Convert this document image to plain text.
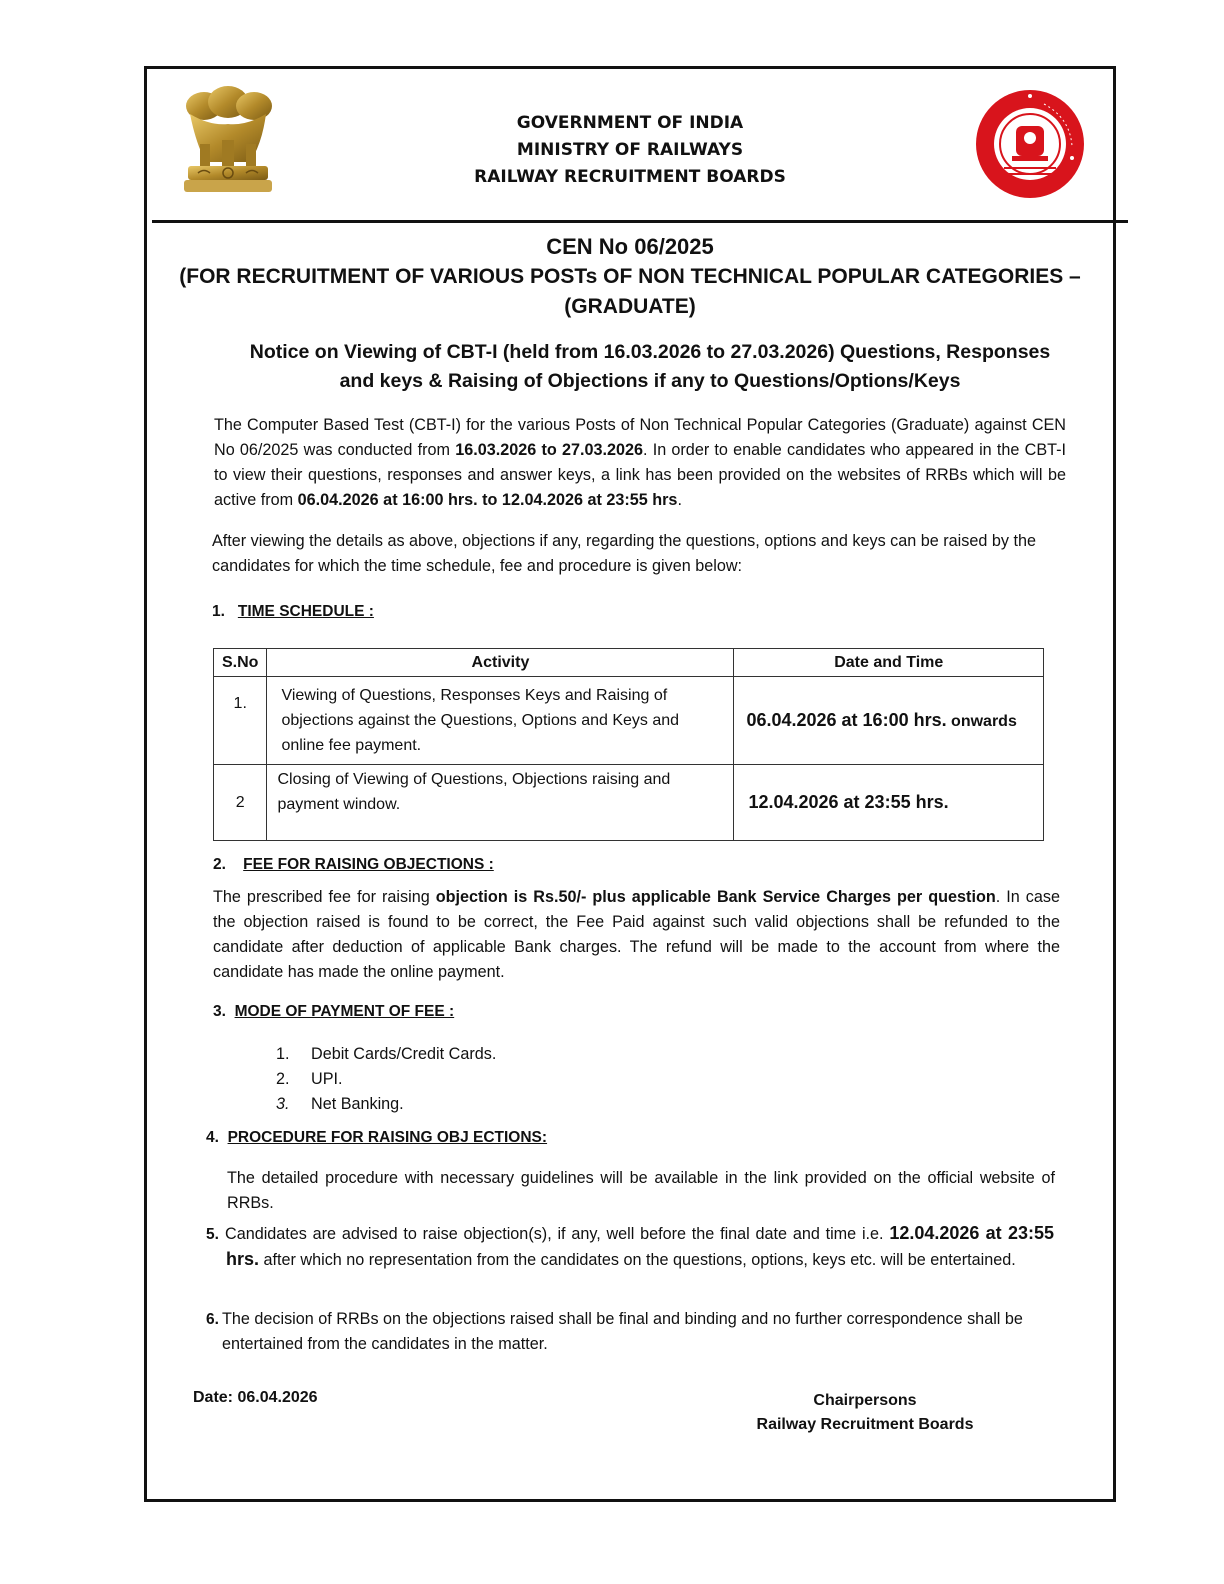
GOVERNMENT OF INDIA
MINISTRY OF RAILWAYS
RAILWAY RECRUITMENT BOARDS
CEN No 06/2025
(FOR RECRUITMENT OF VARIOUS POSTs OF NON TECHNICAL POPULAR CATEGORIES –
(GRADUATE)
Notice on Viewing of CBT-I (held from 16.03.2026 to 27.03.2026) Questions, Responses
and keys & Raising of Objections if any to Questions/Options/Keys

The Computer Based Test (CBT-I) for the various Posts of Non Technical Popular Categories (Graduate) against CEN No 06/2025 was conducted from 16.03.2026 to 27.03.2026. In order to enable candidates who appeared in the CBT-I to view their questions, responses and answer keys, a link has been provided on the websites of RRBs which will be active from 06.04.2026 at 16:00 hrs. to 12.04.2026 at 23:55 hrs.

After viewing the details as above, objections if any, regarding the questions, options and keys can be raised by the candidates for which the time schedule, fee and procedure is given below:

1. TIME SCHEDULE :
S.No	Activity	Date and Time
1.	Viewing of Questions, Responses Keys and Raising of objections against the Questions, Options and Keys and online fee payment.	06.04.2026 at 16:00 hrs. onwards
2	Closing of Viewing of Questions, Objections raising and payment window.	12.04.2026 at 23:55 hrs.
2. FEE FOR RAISING OBJECTIONS :

The prescribed fee for raising objection is Rs.50/- plus applicable Bank Service Charges per question. In case the objection raised is found to be correct, the Fee Paid against such valid objections shall be refunded to the candidate after deduction of applicable Bank charges. The refund will be made to the account from where the candidate has made the online payment.

3. MODE OF PAYMENT OF FEE :
1.	Debit Cards/Credit Cards.
2.	UPI.
3.	Net Banking.
4. PROCEDURE FOR RAISING OBJ ECTIONS:

The detailed procedure with necessary guidelines will be available in the link provided on the official website of RRBs.

5. Candidates are advised to raise objection(s), if any, well before the final date and time i.e. 12.04.2026 at 23:55 hrs. after which no representation from the candidates on the questions, options, keys etc. will be entertained.

6. The decision of RRBs on the objections raised shall be final and binding and no further correspondence shall be entertained from the candidates in the matter.

Date: 06.04.2026	Chairpersons
Railway Recruitment Boards
